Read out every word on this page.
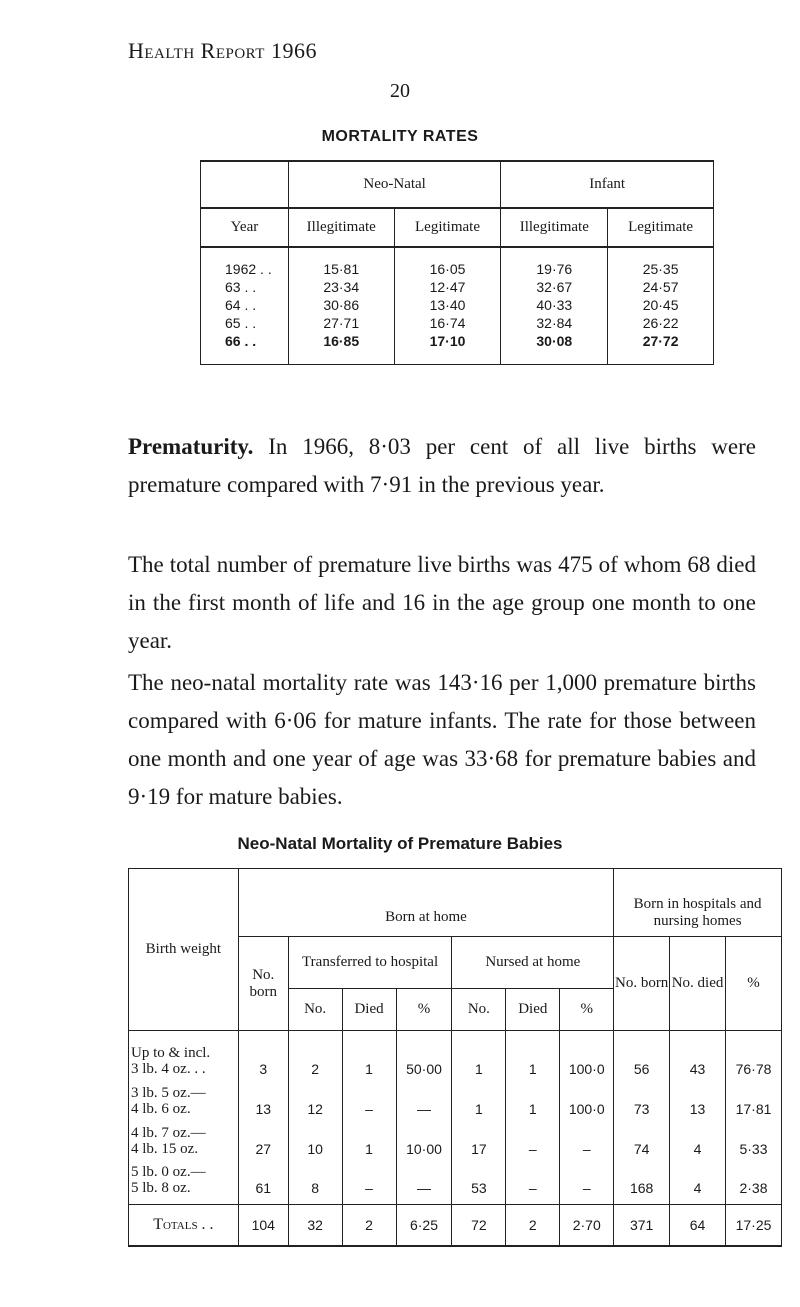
Health Report 1966
20
MORTALITY RATES
	Neo-Natal		Infant	
Year	Illegitimate	Legitimate	Illegitimate	Legitimate

1962 . .	15·81	16·05	19·76	25·35
63 . .	23·34	12·47	32·67	24·57
64 . .	30·86	13·40	40·33	20·45
65 . .	27·71	16·74	32·84	26·22
66 . .	16·85	17·10	30·08	27·72

Prematurity. In 1966, 8·03 per cent of all live births were premature compared with 7·91 in the previous year.
The total number of premature live births was 475 of whom 68 died in the first month of life and 16 in the age group one month to one year.
The neo-natal mortality rate was 143·16 per 1,000 premature births compared with 6·06 for mature infants. The rate for those between one month and one year of age was 33·68 for premature babies and 9·19 for mature babies.
Neo-Natal Mortality of Premature Babies
Birth weight	Born at home							Born in hospitals and nursing homes		
	No. born	Transferred to hospital			Nursed at home			No. born	No. died	%
		No.	Died	%	No.	Died	%			

Up to & incl.
3 lb. 4 oz. . .	3	2	1	50·00	1	1	100·0	56	43	76·78

3 lb. 5 oz.—
4 lb. 6 oz.	13	12	–	—	1	1	100·0	73	13	17·81

4 lb. 7 oz.—
4 lb. 15 oz.	27	10	1	10·00	17	–	–	74	4	5·33

5 lb. 0 oz.—
5 lb. 8 oz.	61	8	–	—	53	–	–	168	4	2·38
Totals . .	104	32	2	6·25	72	2	2·70	371	64	17·25
